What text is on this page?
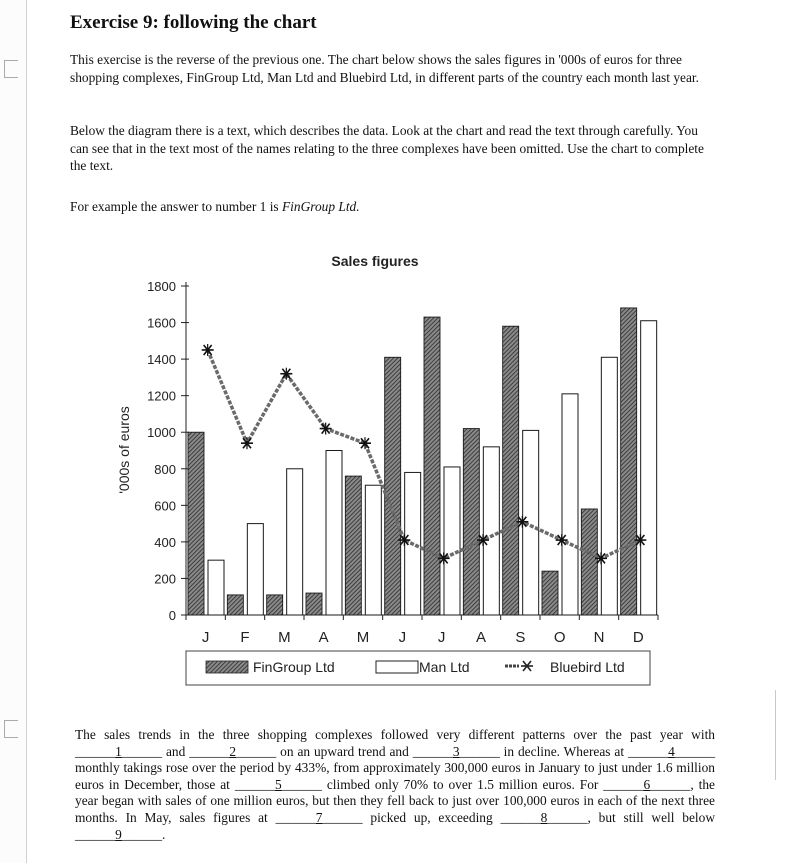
Exercise 9: following the chart

This exercise is the reverse of the previous one. The chart below shows the sales figures in '000s of euros for three shopping complexes, FinGroup Ltd, Man Ltd and Bluebird Ltd, in different parts of the country each month last year.

Below the diagram there is a text, which describes the data. Look at the chart and read the text through carefully. You can see that in the text most of the names relating to the three complexes have been omitted. Use the chart to complete the text.

For example the answer to number 1 is FinGroup Ltd.

Sales figures
'000s of euros
0
200
400
600
800
1000
1200
1400
1600
1800
J F M A M J J A S O N D
FinGroup Ltd	Man Ltd	Bluebird Ltd

The sales trends in the three shopping complexes followed very different patterns over the past year with ______1______ and ______2______ on an upward trend and ______3______ in decline. Whereas at ______4______ monthly takings rose over the period by 433%, from approximately 300,000 euros in January to just under 1.6 million euros in December, those at ______5______ climbed only 70% to over 1.5 million euros. For ______6______, the year began with sales of one million euros, but then they fell back to just over 100,000 euros in each of the next three months. In May, sales figures at ______7______ picked up, exceeding ______8______, but still well below ______9______.
